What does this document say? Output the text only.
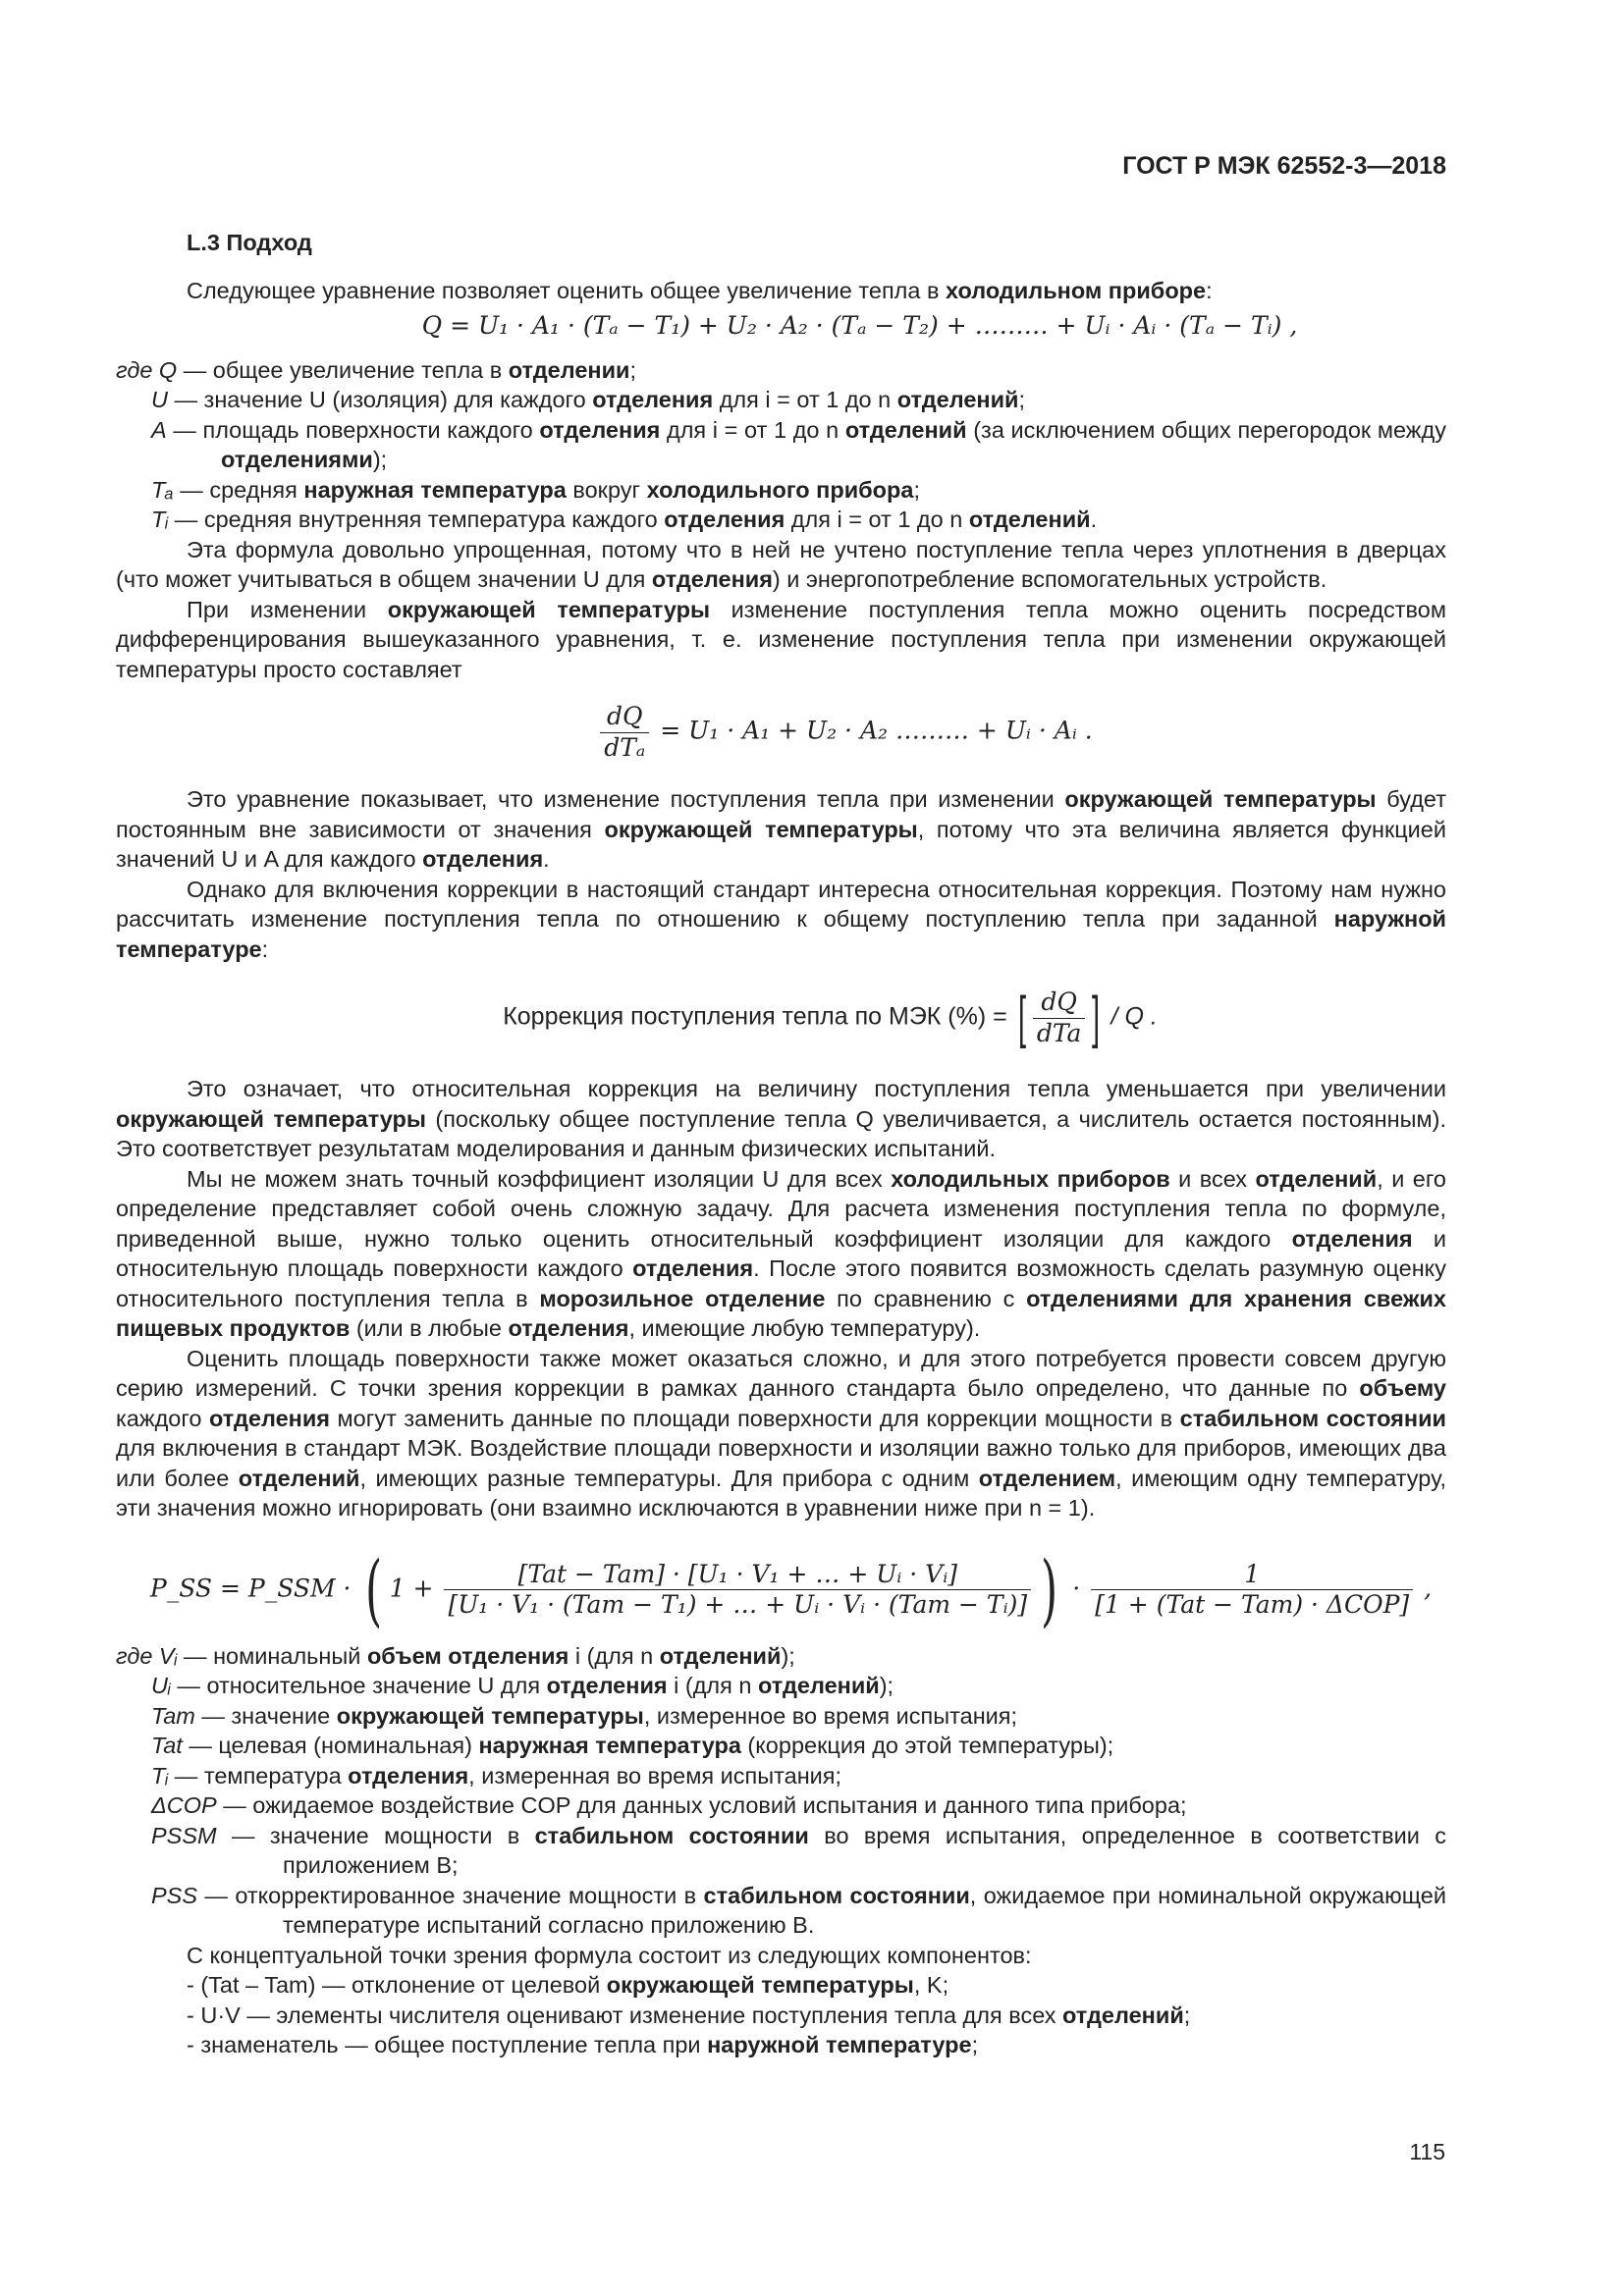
ГОСТ Р МЭК 62552-3—2018
L.3 Подход

Следующее уравнение позволяет оценить общее увеличение тепла в холодильном приборе:

Q = U₁ · A₁ · (Tₐ − T₁) + U₂ · A₂ · (Tₐ − T₂) + ……… + Uᵢ · Aᵢ · (Tₐ − Tᵢ) ,

где Q — общее увеличение тепла в отделении;

U — значение U (изоляция) для каждого отделения для i = от 1 до n отделений;

A — площадь поверхности каждого отделения для i = от 1 до n отделений (за исключением общих перегородок между отделениями);

Tₐ — средняя наружная температура вокруг холодильного прибора;

Tᵢ — средняя внутренняя температура каждого отделения для i = от 1 до n отделений.

Эта формула довольно упрощенная, потому что в ней не учтено поступление тепла через уплотнения в дверцах (что может учитываться в общем значении U для отделения) и энергопотребление вспомогательных устройств.

При изменении окружающей температуры изменение поступления тепла можно оценить посредством дифференцирования вышеуказанного уравнения, т. е. изменение поступления тепла при изменении окружающей температуры просто составляет

$\frac{dQ}{\text{dTₐ}} = U_1 \cdot A_1 + U_2 \cdot A_2$ ……… + Uᵢ · Aᵢ .

Это уравнение показывает, что изменение поступления тепла при изменении окружающей температуры будет постоянным вне зависимости от значения окружающей температуры, потому что эта величина является функцией значений U и A для каждого отделения.

Однако для включения коррекции в настоящий стандарт интересна относительная коррекция. Поэтому нам нужно рассчитать изменение поступления тепла по отношению к общему поступлению тепла при заданной наружной температуре:

Коррекция поступления тепла по МЭК (%) = [ $\frac{dQ}{\text{dTa}}$ ] / Q .

Это означает, что относительная коррекция на величину поступления тепла уменьшается при увеличении окружающей температуры (поскольку общее поступление тепла Q увеличивается, а числитель остается постоянным). Это соответствует результатам моделирования и данным физических испытаний.

Мы не можем знать точный коэффициент изоляции U для всех холодильных приборов и всех отделений, и его определение представляет собой очень сложную задачу. Для расчета изменения поступления тепла по формуле, приведенной выше, нужно только оценить относительный коэффициент изоляции для каждого отделения и относительную площадь поверхности каждого отделения. После этого появится возможность сделать разумную оценку относительного поступления тепла в морозильное отделение по сравнению с отделениями для хранения свежих пищевых продуктов (или в любые отделения, имеющие любую температуру).

Оценить площадь поверхности также может оказаться сложно, и для этого потребуется провести совсем другую серию измерений. С точки зрения коррекции в рамках данного стандарта было определено, что данные по объему каждого отделения могут заменить данные по площади поверхности для коррекции мощности в стабильном состоянии для включения в стандарт МЭК. Воздействие площади поверхности и изоляции важно только для приборов, имеющих два или более отделений, имеющих разные температуры. Для прибора с одним отделением, имеющим одну температуру, эти значения можно игнорировать (они взаимно исключаются в уравнении ниже при n = 1).

P_SS = P_SSM · ( $1 + \frac{\text{[Tat − Tam] · [U₁ · V₁ + … + Uᵢ · Vᵢ]}}{\text{[U₁ · V₁ · (Tam − T₁) + … + Uᵢ · Vᵢ · (Tam − Tᵢ)]}}$ ) · $\frac{1}{\text{[1 + (Tat − Tam) · ΔCOP]}}$ ,

где Vᵢ — номинальный объем отделения i (для n отделений);

Uᵢ — относительное значение U для отделения i (для n отделений);

Tam — значение окружающей температуры, измеренное во время испытания;

Tat — целевая (номинальная) наружная температура (коррекция до этой температуры);

Tᵢ — температура отделения, измеренная во время испытания;

ΔCOP — ожидаемое воздействие COP для данных условий испытания и данного типа прибора;

PSSM — значение мощности в стабильном состоянии во время испытания, определенное в соответствии с приложением B;

PSS — откорректированное значение мощности в стабильном состоянии, ожидаемое при номинальной окружающей температуре испытаний согласно приложению B.

С концептуальной точки зрения формула состоит из следующих компонентов:

- (Tat – Tam) — отклонение от целевой окружающей температуры, K;

- U·V — элементы числителя оценивают изменение поступления тепла для всех отделений;

- знаменатель — общее поступление тепла при наружной температуре;

115
